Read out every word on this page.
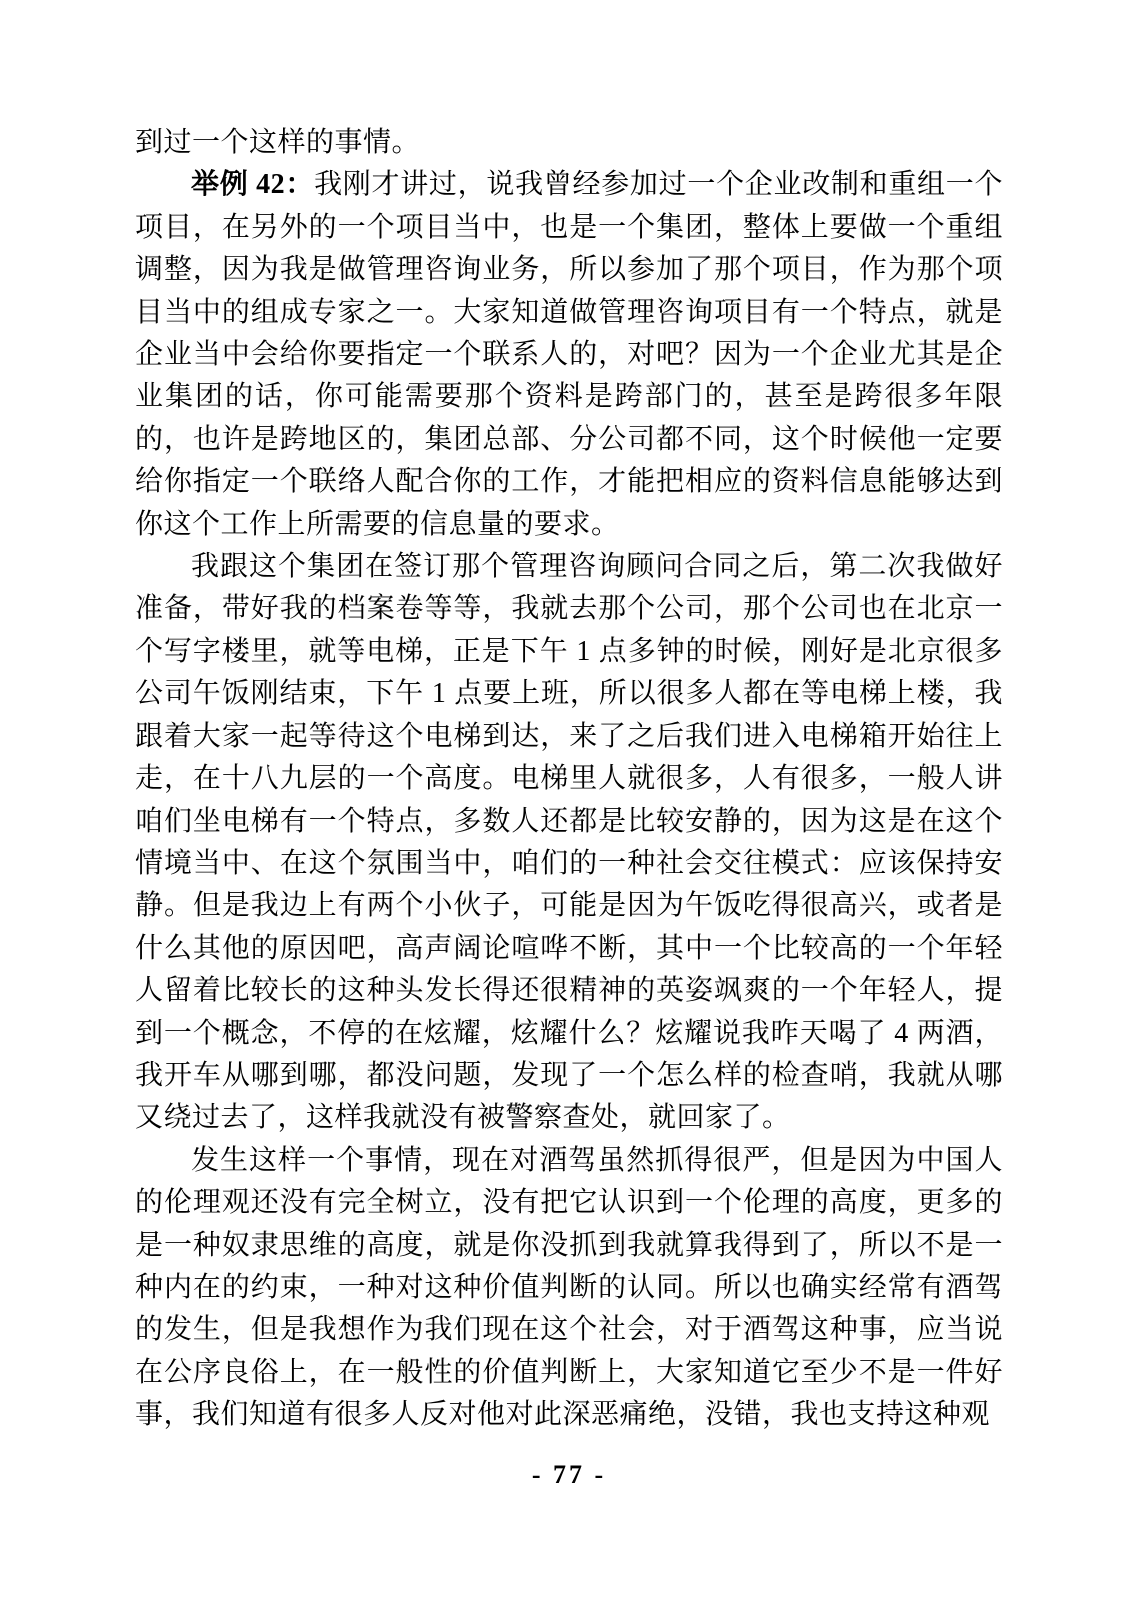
到过一个这样的事情。

举例 42：我刚才讲过，说我曾经参加过一个企业改制和重组一个项目，在另外的一个项目当中，也是一个集团，整体上要做一个重组调整，因为我是做管理咨询业务，所以参加了那个项目，作为那个项目当中的组成专家之一。大家知道做管理咨询项目有一个特点，就是企业当中会给你要指定一个联系人的，对吧？因为一个企业尤其是企业集团的话，你可能需要那个资料是跨部门的，甚至是跨很多年限的，也许是跨地区的，集团总部、分公司都不同，这个时候他一定要给你指定一个联络人配合你的工作，才能把相应的资料信息能够达到你这个工作上所需要的信息量的要求。

我跟这个集团在签订那个管理咨询顾问合同之后，第二次我做好准备，带好我的档案卷等等，我就去那个公司，那个公司也在北京一个写字楼里，就等电梯，正是下午 1 点多钟的时候，刚好是北京很多公司午饭刚结束，下午 1 点要上班，所以很多人都在等电梯上楼，我跟着大家一起等待这个电梯到达，来了之后我们进入电梯箱开始往上走，在十八九层的一个高度。电梯里人就很多，人有很多，一般人讲咱们坐电梯有一个特点，多数人还都是比较安静的，因为这是在这个情境当中、在这个氛围当中，咱们的一种社会交往模式：应该保持安静。但是我边上有两个小伙子，可能是因为午饭吃得很高兴，或者是什么其他的原因吧，高声阔论喧哗不断，其中一个比较高的一个年轻人留着比较长的这种头发长得还很精神的英姿飒爽的一个年轻人，提到一个概念，不停的在炫耀，炫耀什么？炫耀说我昨天喝了 4 两酒，我开车从哪到哪，都没问题，发现了一个怎么样的检查哨，我就从哪又绕过去了，这样我就没有被警察查处，就回家了。

发生这样一个事情，现在对酒驾虽然抓得很严，但是因为中国人的伦理观还没有完全树立，没有把它认识到一个伦理的高度，更多的是一种奴隶思维的高度，就是你没抓到我就算我得到了，所以不是一种内在的约束，一种对这种价值判断的认同。所以也确实经常有酒驾的发生，但是我想作为我们现在这个社会，对于酒驾这种事，应当说在公序良俗上，在一般性的价值判断上，大家知道它至少不是一件好事，我们知道有很多人反对他对此深恶痛绝，没错，我也支持这种观

- 77 -
